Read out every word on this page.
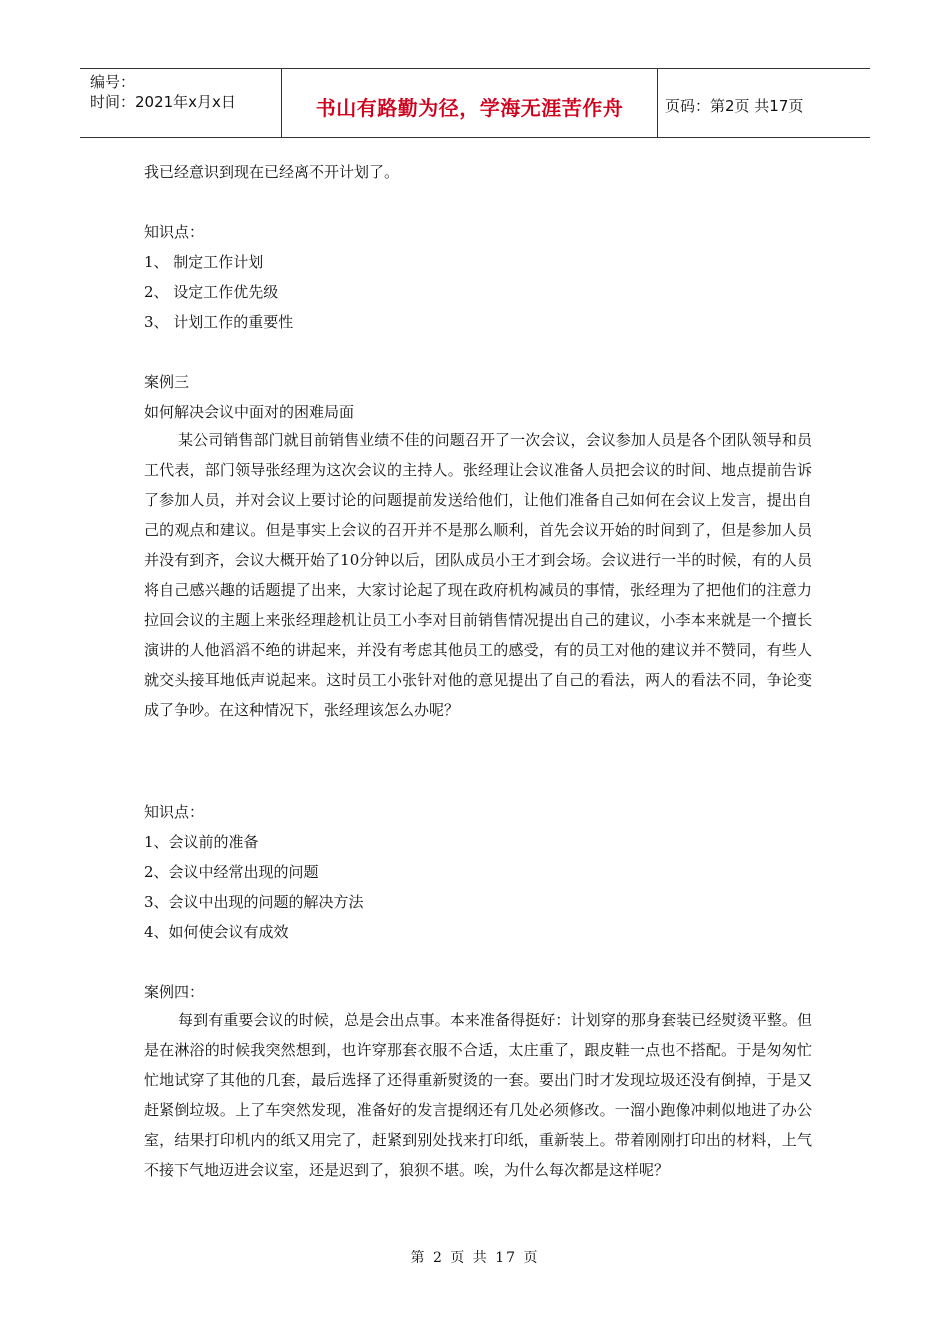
编号：
时间：2021年x月x日	书山有路勤为径，学海无涯苦作舟	页码：第2页 共17页
我已经意识到现在已经离不开计划了。
知识点：
1、 制定工作计划
2、 设定工作优先级
3、 计划工作的重要性
案例三
如何解决会议中面对的困难局面
某公司销售部门就目前销售业绩不佳的问题召开了一次会议，会议参加人员是各个团队领导和员工代表，部门领导张经理为这次会议的主持人。张经理让会议准备人员把会议的时间、地点提前告诉了参加人员，并对会议上要讨论的问题提前发送给他们，让他们准备自己如何在会议上发言，提出自己的观点和建议。但是事实上会议的召开并不是那么顺利，首先会议开始的时间到了，但是参加人员并没有到齐，会议大概开始了10分钟以后，团队成员小王才到会场。会议进行一半的时候，有的人员将自己感兴趣的话题提了出来，大家讨论起了现在政府机构减员的事情，张经理为了把他们的注意力拉回会议的主题上来张经理趁机让员工小李对目前销售情况提出自己的建议，小李本来就是一个擅长演讲的人他滔滔不绝的讲起来，并没有考虑其他员工的感受，有的员工对他的建议并不赞同，有些人就交头接耳地低声说起来。这时员工小张针对他的意见提出了自己的看法，两人的看法不同，争论变成了争吵。在这种情况下，张经理该怎么办呢？
知识点：
1、会议前的准备
2、会议中经常出现的问题
3、会议中出现的问题的解决方法
4、如何使会议有成效
案例四：
每到有重要会议的时候，总是会出点事。本来准备得挺好：计划穿的那身套装已经熨烫平整。但是在淋浴的时候我突然想到，也许穿那套衣服不合适，太庄重了，跟皮鞋一点也不搭配。于是匆匆忙忙地试穿了其他的几套，最后选择了还得重新熨烫的一套。要出门时才发现垃圾还没有倒掉，于是又赶紧倒垃圾。上了车突然发现，准备好的发言提纲还有几处必须修改。一溜小跑像冲刺似地进了办公室，结果打印机内的纸又用完了，赶紧到别处找来打印纸，重新装上。带着刚刚打印出的材料，上气不接下气地迈进会议室，还是迟到了，狼狈不堪。唉，为什么每次都是这样呢？
第 2 页 共 17 页
